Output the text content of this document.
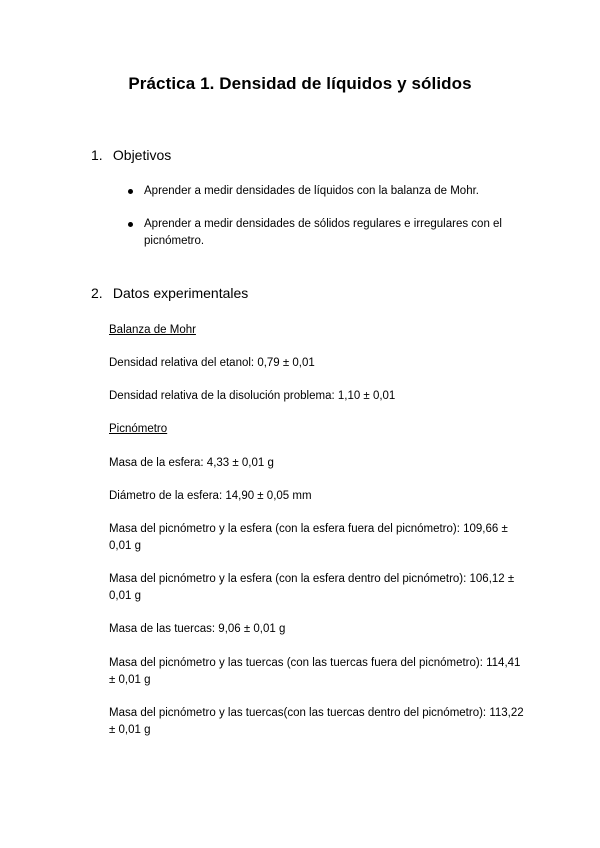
Práctica 1. Densidad de líquidos y sólidos
1. Objetivos
Aprender a medir densidades de líquidos con la balanza de Mohr.
Aprender a medir densidades de sólidos regulares e irregulares con el picnómetro.
2. Datos experimentales
Balanza de Mohr
Densidad relativa del etanol: 0,79 ± 0,01
Densidad relativa de la disolución problema: 1,10 ± 0,01
Picnómetro
Masa de la esfera: 4,33 ± 0,01 g
Diámetro de la esfera: 14,90 ± 0,05 mm
Masa del picnómetro y la esfera (con la esfera fuera del picnómetro): 109,66 ± 0,01 g
Masa del picnómetro y la esfera (con la esfera dentro del picnómetro): 106,12 ± 0,01 g
Masa de las tuercas: 9,06 ± 0,01 g
Masa del picnómetro y las tuercas (con las tuercas fuera del picnómetro): 114,41 ± 0,01 g
Masa del picnómetro y las tuercas(con las tuercas dentro del picnómetro): 113,22 ± 0,01 g
